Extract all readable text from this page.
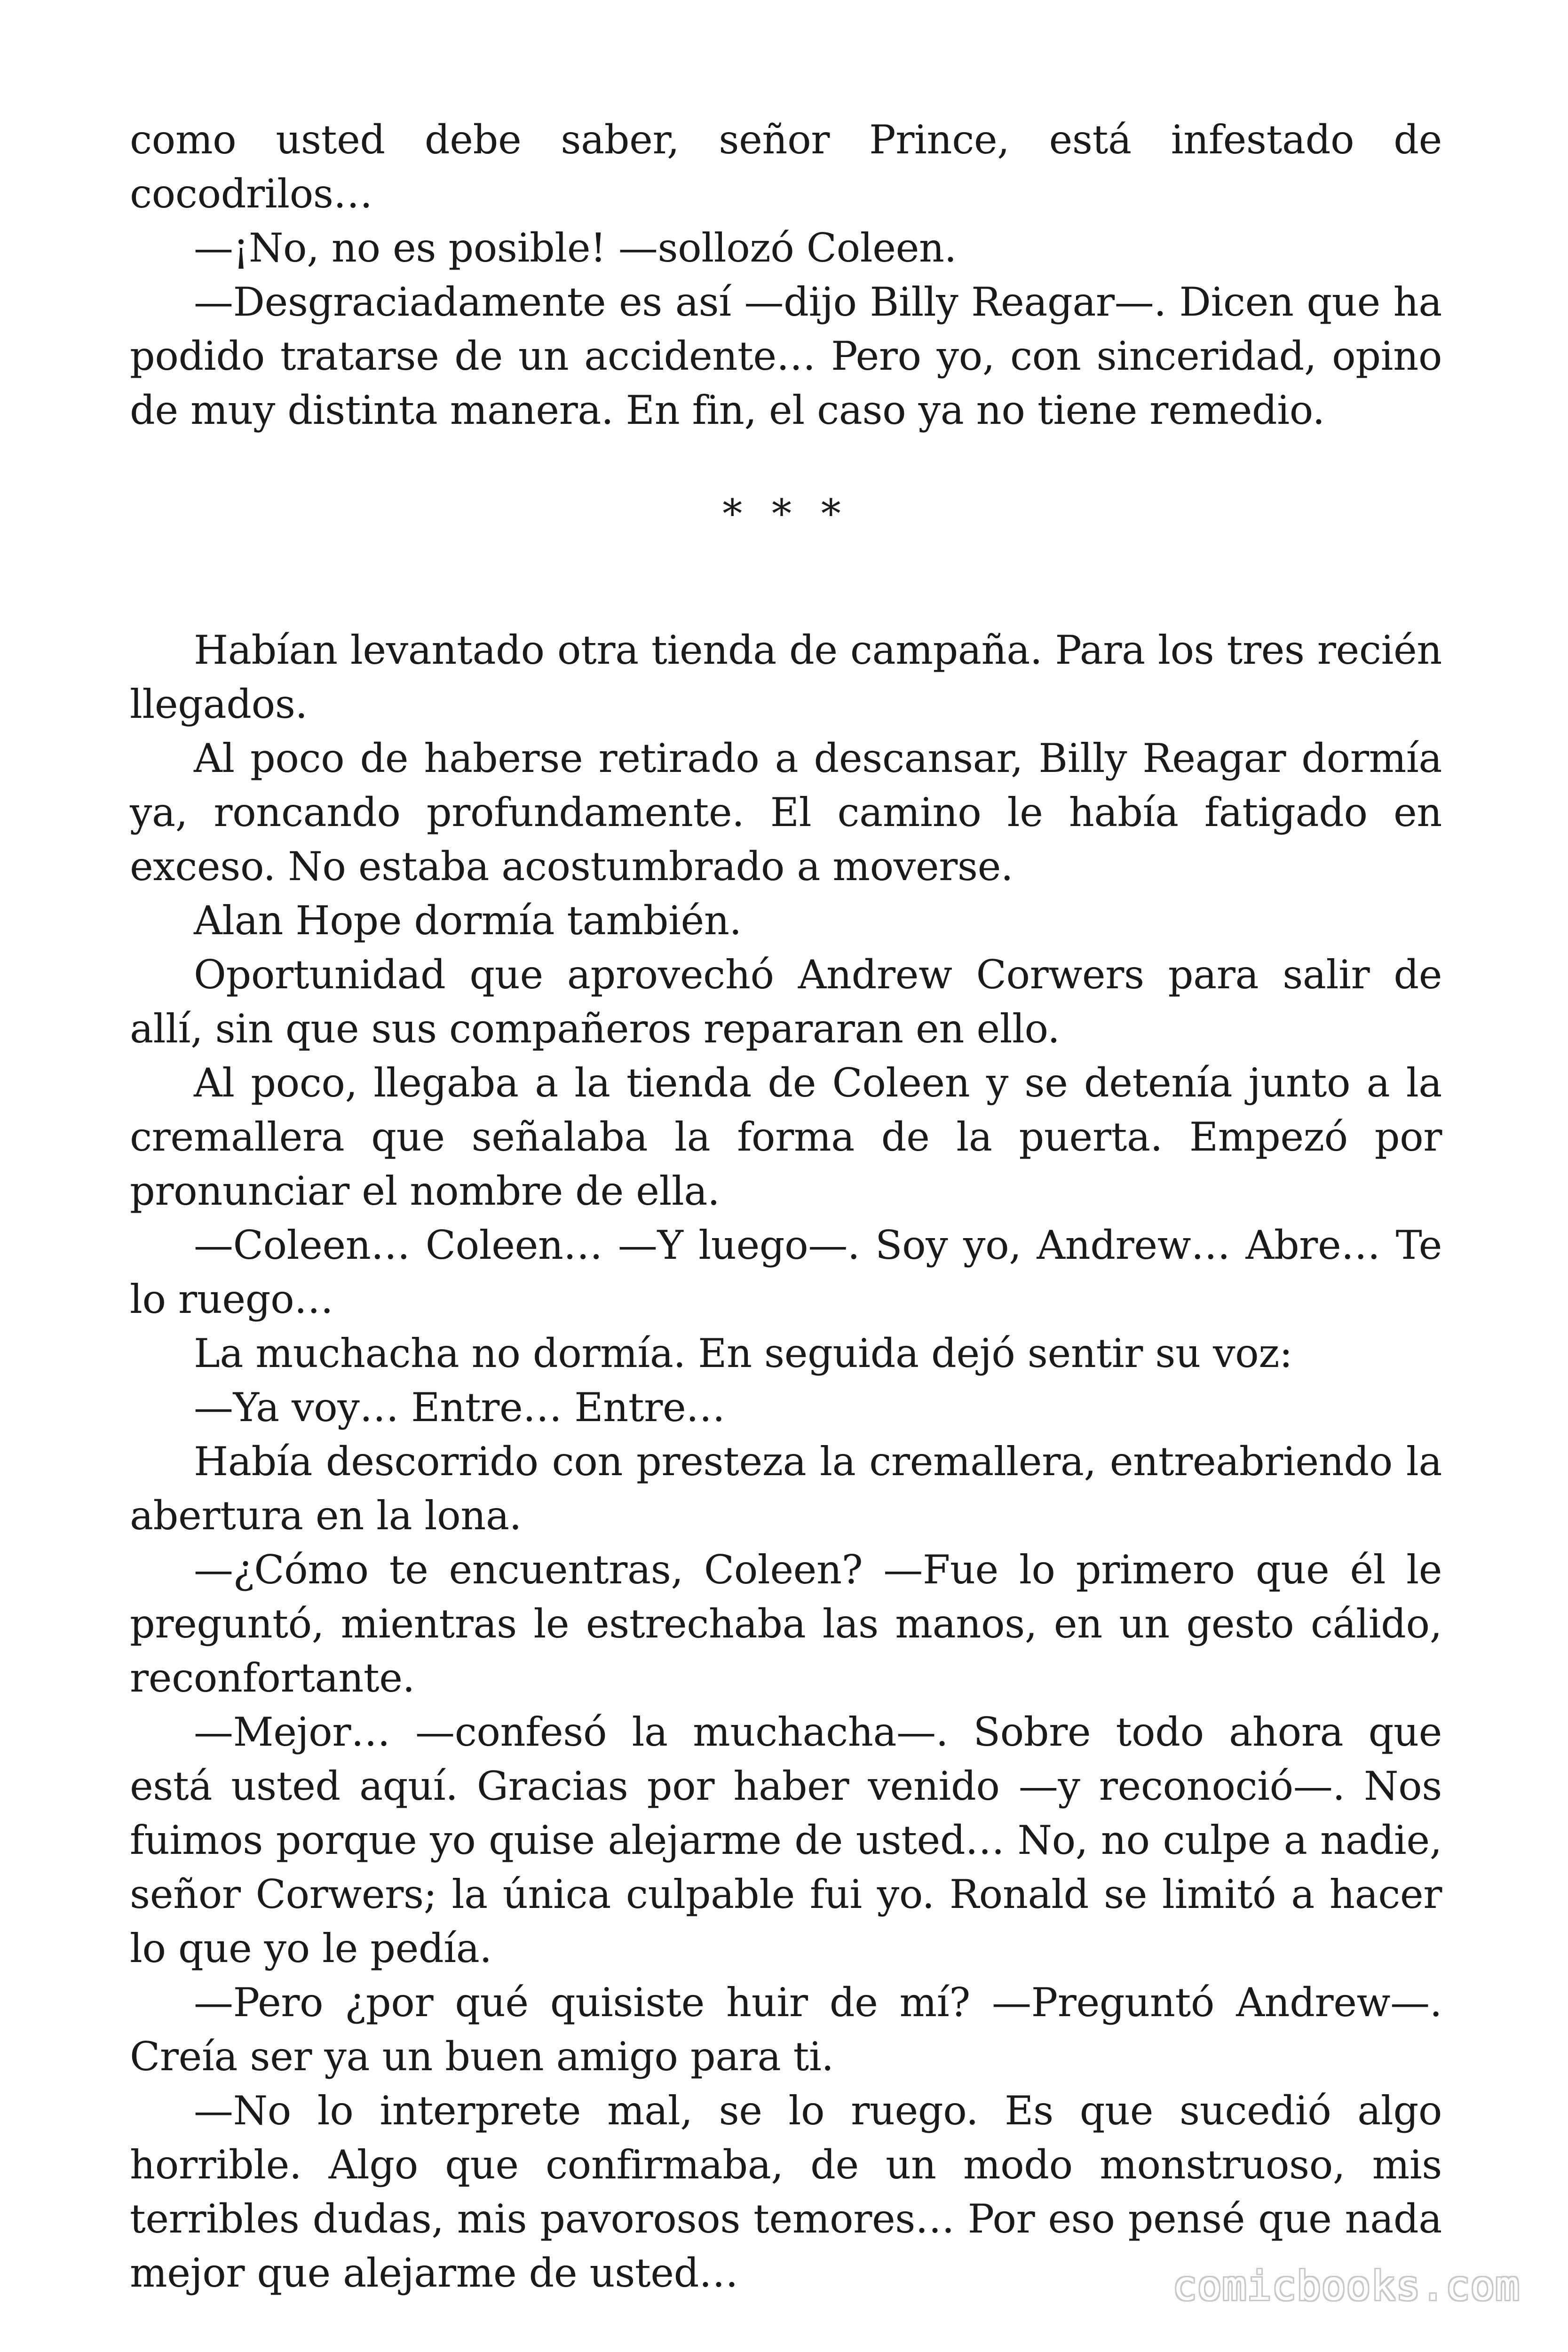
como usted debe saber, señor Prince, está infestado de cocodrilos…

—¡No, no es posible! —sollozó Coleen.

—Desgraciadamente es así —dijo Billy Reagar—. Dicen que ha podido tratarse de un accidente… Pero yo, con sinceridad, opino de muy distinta manera. En fin, el caso ya no tiene remedio.

* * *

Habían levantado otra tienda de campaña. Para los tres recién llegados.

Al poco de haberse retirado a descansar, Billy Reagar dormía ya, roncando profundamente. El camino le había fatigado en exceso. No estaba acostumbrado a moverse.

Alan Hope dormía también.

Oportunidad que aprovechó Andrew Corwers para salir de allí, sin que sus compañeros repararan en ello.

Al poco, llegaba a la tienda de Coleen y se detenía junto a la cremallera que señalaba la forma de la puerta. Empezó por pronunciar el nombre de ella.

—Coleen… Coleen… —Y luego—. Soy yo, Andrew… Abre… Te lo ruego…

La muchacha no dormía. En seguida dejó sentir su voz:

—Ya voy… Entre… Entre…

Había descorrido con presteza la cremallera, entreabriendo la abertura en la lona.

—¿Cómo te encuentras, Coleen? —Fue lo primero que él le preguntó, mientras le estrechaba las manos, en un gesto cálido, reconfortante.

—Mejor… —confesó la muchacha—. Sobre todo ahora que está usted aquí. Gracias por haber venido —y reconoció—. Nos fuimos porque yo quise alejarme de usted… No, no culpe a nadie, señor Corwers; la única culpable fui yo. Ronald se limitó a hacer lo que yo le pedía.

—Pero ¿por qué quisiste huir de mí? —Preguntó Andrew—. Creía ser ya un buen amigo para ti.

—No lo interprete mal, se lo ruego. Es que sucedió algo horrible. Algo que confirmaba, de un modo monstruoso, mis terribles dudas, mis pavorosos temores… Por eso pensé que nada mejor que alejarme de usted…	comicbooks.com
